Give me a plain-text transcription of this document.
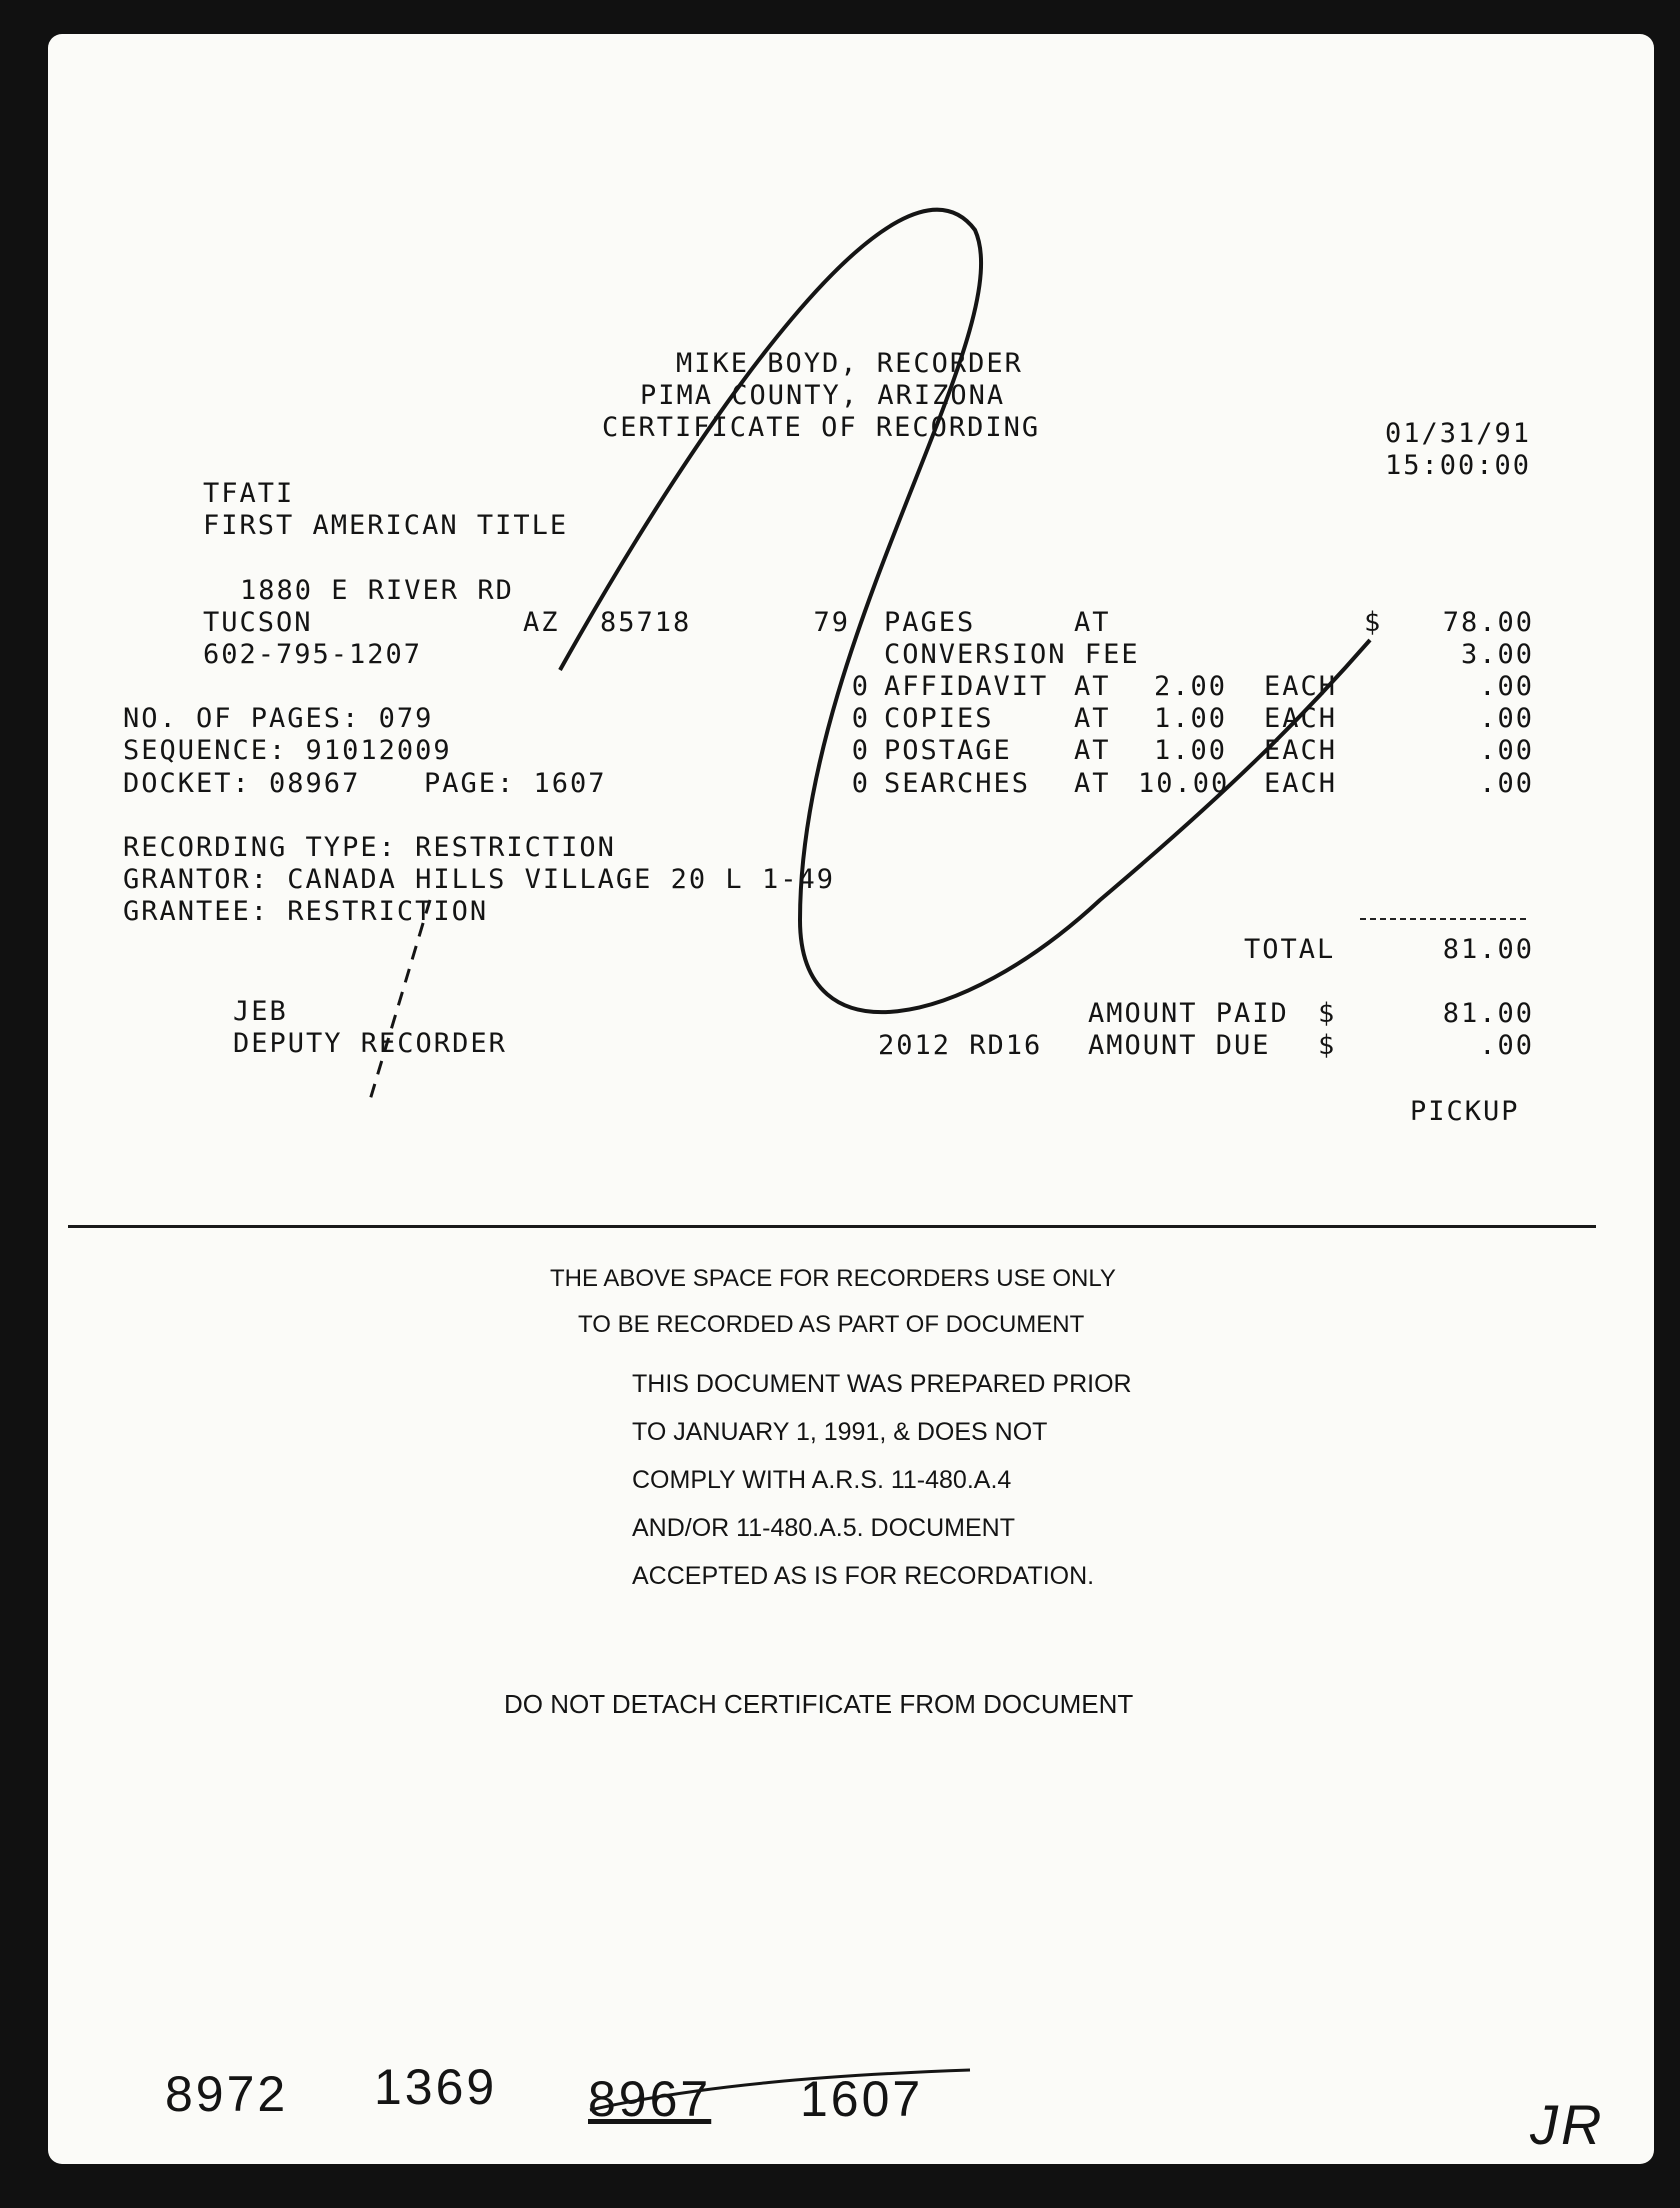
MIKE BOYD, RECORDER
PIMA COUNTY, ARIZONA
CERTIFICATE OF RECORDING	01/31/91
15:00:00
TFATI
FIRST AMERICAN TITLE
1880 E RIVER RD
TUCSON	AZ 85718
602-795-1207
NO. OF PAGES: 079
SEQUENCE: 91012009
DOCKET: 08967 PAGE: 1607
RECORDING TYPE: RESTRICTION
GRANTOR: CANADA HILLS VILLAGE 20 L 1-49
GRANTEE: RESTRICTION
79 PAGES	AT	$	78.00
CONVERSION FEE	3.00
0 AFFIDAVIT AT 2.00 EACH	.00
0 COPIES	AT 1.00 EACH	.00
0 POSTAGE AT 1.00 EACH	.00
0 SEARCHES AT 10.00 EACH	.00
TOTAL	81.00
AMOUNT PAID $	81.00
2012 RD16 AMOUNT DUE $	.00
PICKUP
JEB
DEPUTY RECORDER
THE ABOVE SPACE FOR RECORDERS USE ONLY
TO BE RECORDED AS PART OF DOCUMENT
THIS DOCUMENT WAS PREPARED PRIOR
TO JANUARY 1, 1991, & DOES NOT
COMPLY WITH A.R.S. 11-480.A.4
AND/OR 11-480.A.5. DOCUMENT
ACCEPTED AS IS FOR RECORDATION.
DO NOT DETACH CERTIFICATE FROM DOCUMENT
8972 1369 8967 1607	JR
